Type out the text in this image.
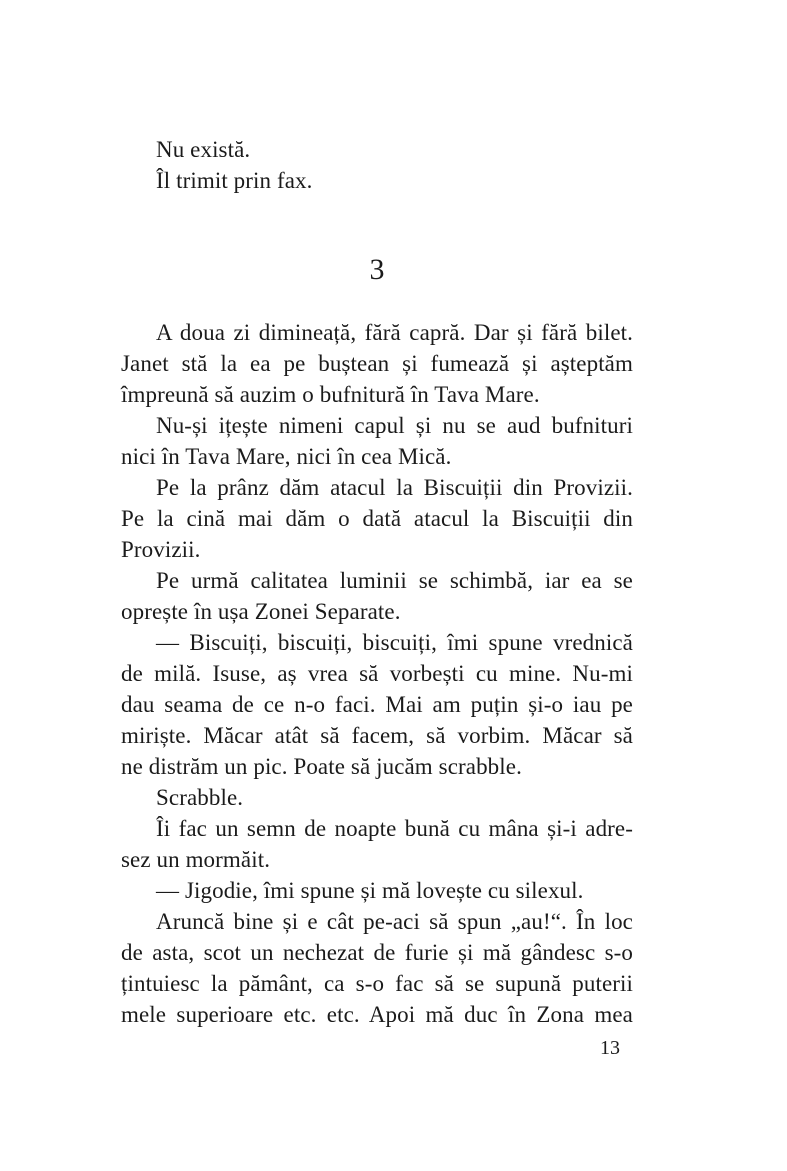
Nu există.
Îl trimit prin fax.
3
A doua zi dimineață, fără capră. Dar și fără bilet.
Janet stă la ea pe buștean și fumează și așteptăm
împreună să auzim o bufnitură în Tava Mare.
Nu-și ițește nimeni capul și nu se aud bufnituri
nici în Tava Mare, nici în cea Mică.
Pe la prânz dăm atacul la Biscuiții din Provizii.
Pe la cină mai dăm o dată atacul la Biscuiții din
Provizii.
Pe urmă calitatea luminii se schimbă, iar ea se
oprește în ușa Zonei Separate.
— Biscuiți, biscuiți, biscuiți, îmi spune vrednică
de milă. Isuse, aș vrea să vorbești cu mine. Nu-mi
dau seama de ce n-o faci. Mai am puțin și-o iau pe
miriște. Măcar atât să facem, să vorbim. Măcar să
ne distrăm un pic. Poate să jucăm scrabble.
Scrabble.
Îi fac un semn de noapte bună cu mâna și-i adre-
sez un mormăit.
— Jigodie, îmi spune și mă lovește cu silexul.
Aruncă bine și e cât pe-aci să spun „au!“. În loc
de asta, scot un nechezat de furie și mă gândesc s-o
țintuiesc la pământ, ca s-o fac să se supună puterii
mele superioare etc. etc. Apoi mă duc în Zona mea
13
